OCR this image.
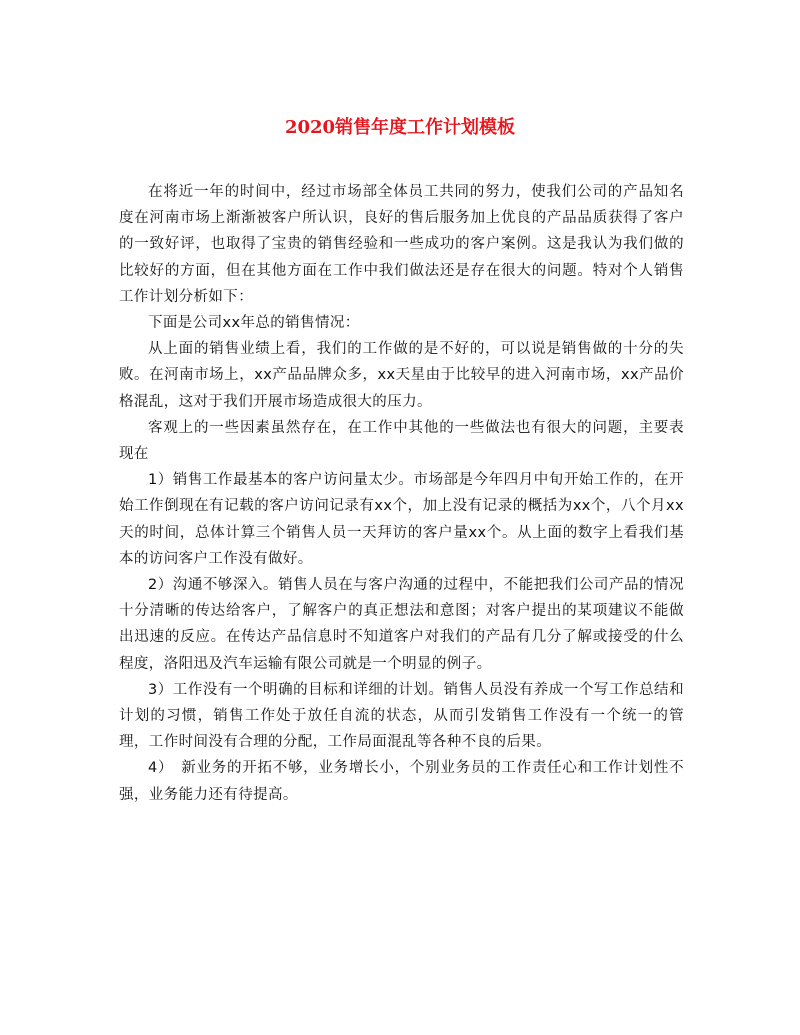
2020销售年度工作计划模板

在将近一年的时间中，经过市场部全体员工共同的努力，使我们公司的产品知名度在河南市场上渐渐被客户所认识，良好的售后服务加上优良的产品品质获得了客户的一致好评，也取得了宝贵的销售经验和一些成功的客户案例。这是我认为我们做的比较好的方面，但在其他方面在工作中我们做法还是存在很大的问题。特对个人销售工作计划分析如下：

下面是公司xx年总的销售情况：

从上面的销售业绩上看，我们的工作做的是不好的，可以说是销售做的十分的失败。在河南市场上，xx产品品牌众多，xx天星由于比较早的进入河南市场，xx产品价格混乱，这对于我们开展市场造成很大的压力。

客观上的一些因素虽然存在，在工作中其他的一些做法也有很大的问题，主要表现在

1）销售工作最基本的客户访问量太少。市场部是今年四月中旬开始工作的，在开始工作倒现在有记载的客户访问记录有xx个，加上没有记录的概括为xx个，八个月xx天的时间，总体计算三个销售人员一天拜访的客户量xx个。从上面的数字上看我们基本的访问客户工作没有做好。

2）沟通不够深入。销售人员在与客户沟通的过程中，不能把我们公司产品的情况十分清晰的传达给客户，了解客户的真正想法和意图；对客户提出的某项建议不能做出迅速的反应。在传达产品信息时不知道客户对我们的产品有几分了解或接受的什么程度，洛阳迅及汽车运输有限公司就是一个明显的例子。

3）工作没有一个明确的目标和详细的计划。销售人员没有养成一个写工作总结和计划的习惯，销售工作处于放任自流的状态，从而引发销售工作没有一个统一的管理，工作时间没有合理的分配，工作局面混乱等各种不良的后果。

4）　新业务的开拓不够，业务增长小，个别业务员的工作责任心和工作计划性不强，业务能力还有待提高。
